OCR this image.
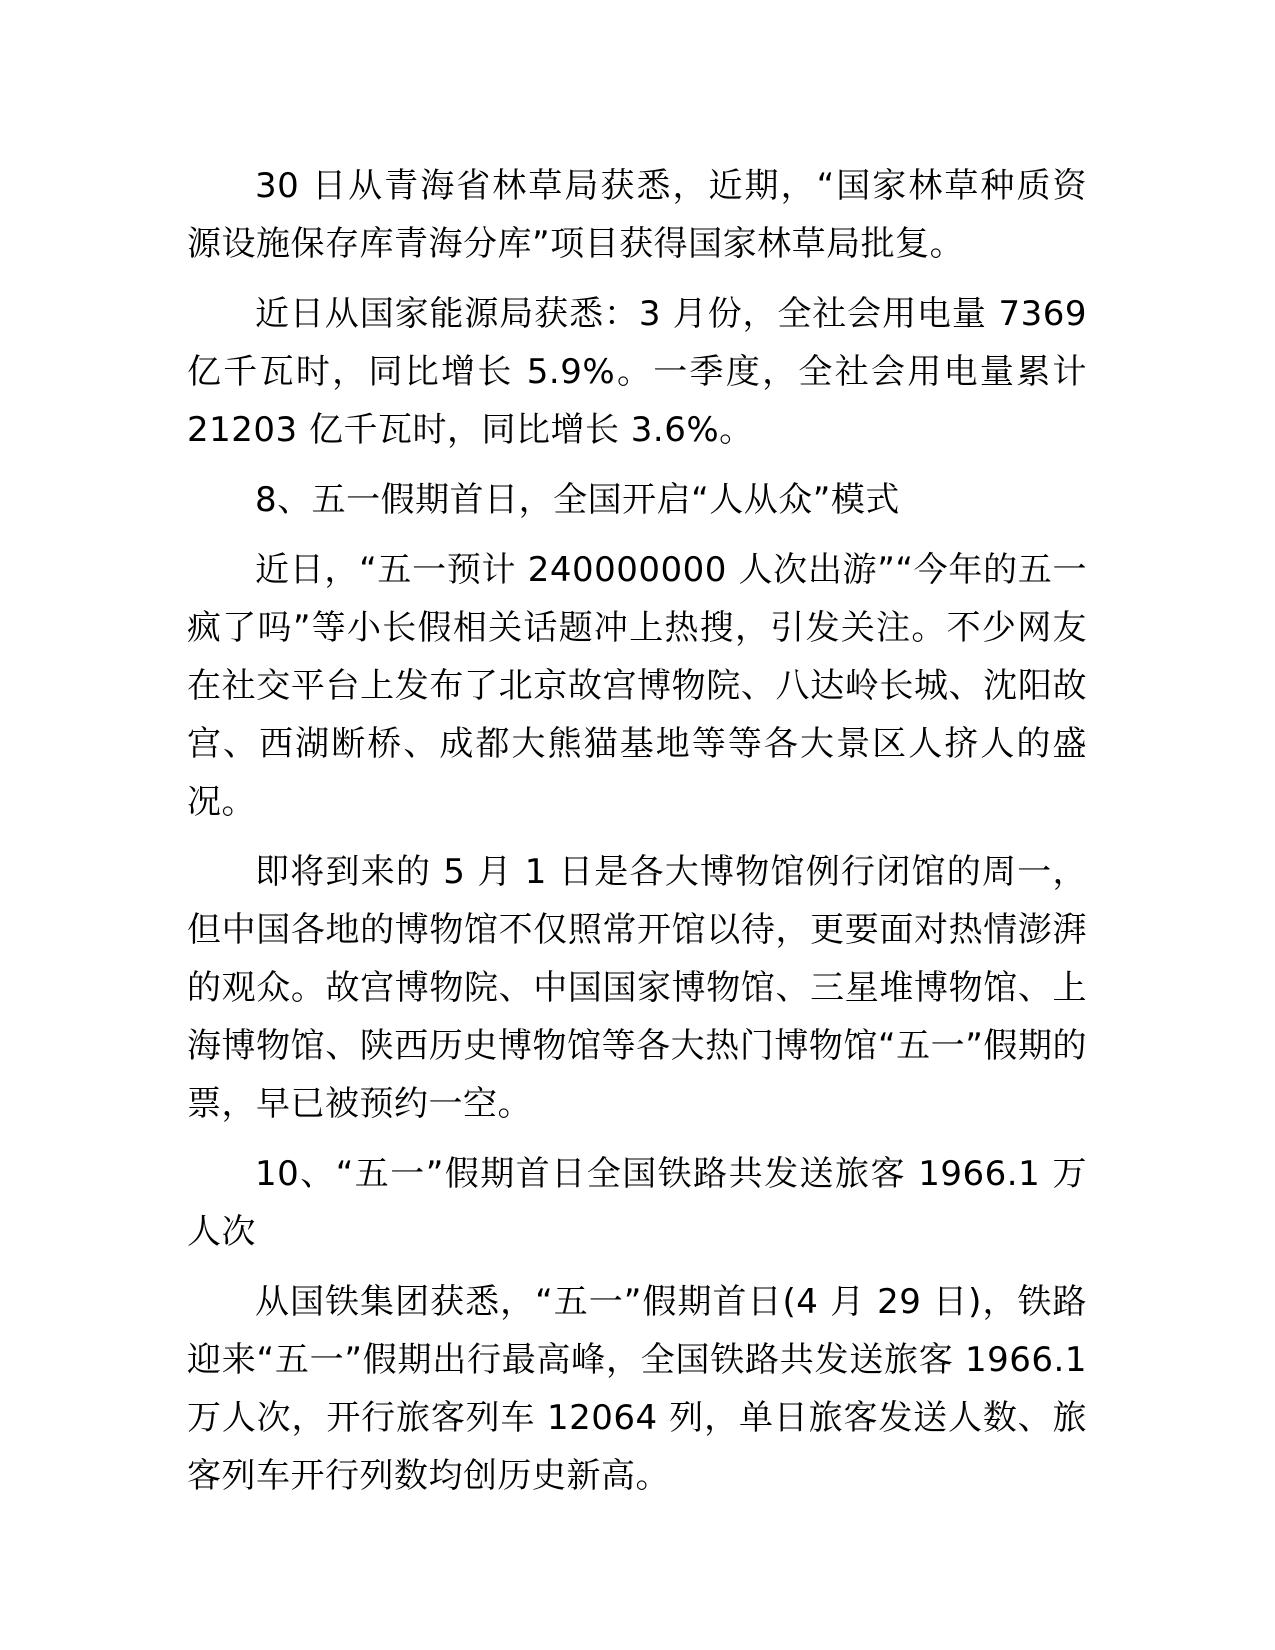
30 日从青海省林草局获悉，近期，“国家林草种质资源设施保存库青海分库”项目获得国家林草局批复。

近日从国家能源局获悉：3 月份，全社会用电量 7369 亿千瓦时，同比增长 5.9%。一季度，全社会用电量累计 21203 亿千瓦时，同比增长 3.6%。

8、五一假期首日，全国开启“人从众”模式

近日，“五一预计 240000000 人次出游”“今年的五一疯了吗”等小长假相关话题冲上热搜，引发关注。不少网友在社交平台上发布了北京故宫博物院、八达岭长城、沈阳故宫、西湖断桥、成都大熊猫基地等等各大景区人挤人的盛况。

即将到来的 5 月 1 日是各大博物馆例行闭馆的周一，但中国各地的博物馆不仅照常开馆以待，更要面对热情澎湃的观众。故宫博物院、中国国家博物馆、三星堆博物馆、上海博物馆、陕西历史博物馆等各大热门博物馆“五一”假期的票，早已被预约一空。

10、“五一”假期首日全国铁路共发送旅客 1966.1 万人次

从国铁集团获悉，“五一”假期首日(4 月 29 日)，铁路迎来“五一”假期出行最高峰，全国铁路共发送旅客 1966.1 万人次，开行旅客列车 12064 列，单日旅客发送人数、旅客列车开行列数均创历史新高。
